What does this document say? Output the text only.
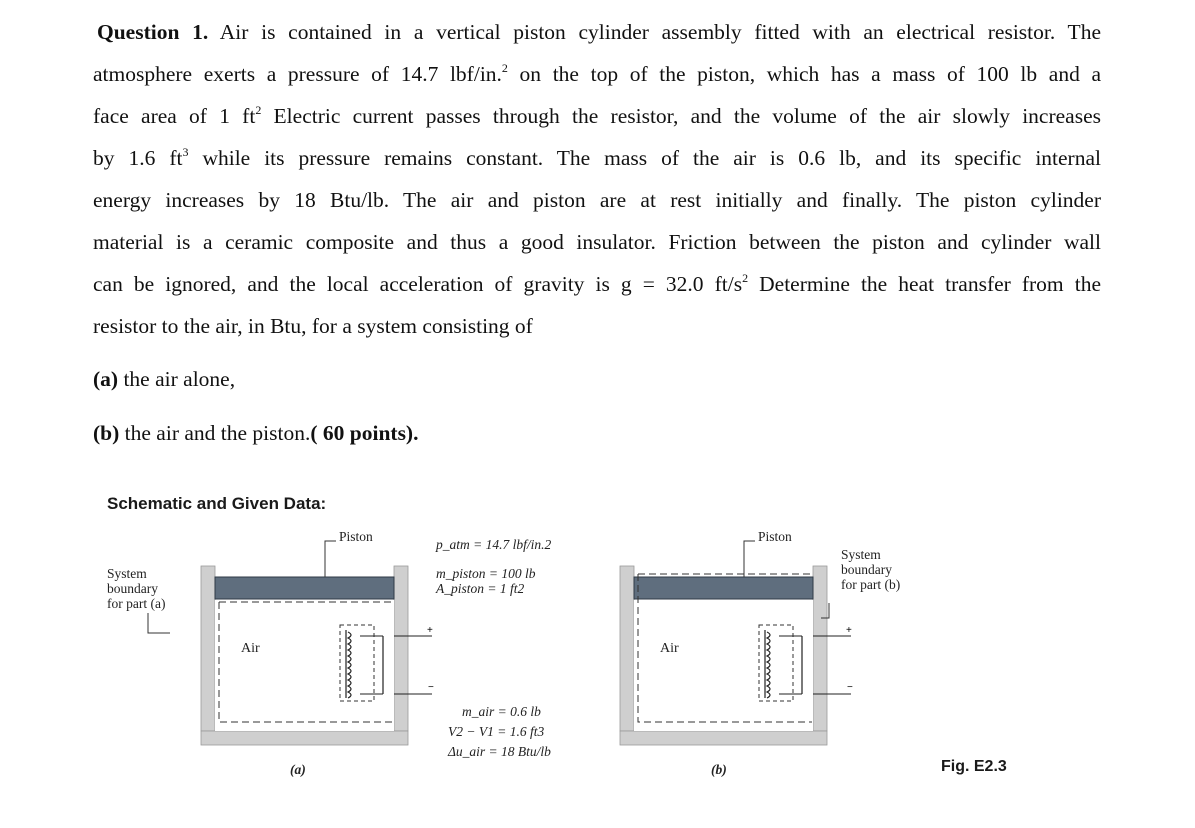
Question 1. Air is contained in a vertical piston cylinder assembly fitted with an electrical resistor. The
atmosphere exerts a pressure of 14.7 lbf/in.$^2$ on the top of the piston, which has a mass of 100 lb and a
face area of 1 $ft^2$ Electric current passes through the resistor, and the volume of the air slowly increases
by 1.6 $ft^3$ while its pressure remains constant. The mass of the air is 0.6 lb, and its specific internal
energy increases by 18 Btu/lb. The air and piston are at rest initially and finally. The piston cylinder
material is a ceramic composite and thus a good insulator. Friction between the piston and cylinder wall
can be ignored, and the local acceleration of gravity is g = 32.0 $ft/s^2$ Determine the heat transfer from the
resistor to the air, in Btu, for a system consisting of
(a) the air alone,
(b) the air and the piston.( 60 points).
Schematic and Given Data:
+
−
+
−
Piston	Piston
System
boundary
for part (a)
System
boundary
for part (b)
Air	Air
p_atm = 14.7 lbf/in.2
m_piston = 100 lb
A_piston = 1 ft2
m_air = 0.6 lb
V2 − V1 = 1.6 ft3
Δu_air = 18 Btu/lb
(a)	(b)	Fig. E2.3
